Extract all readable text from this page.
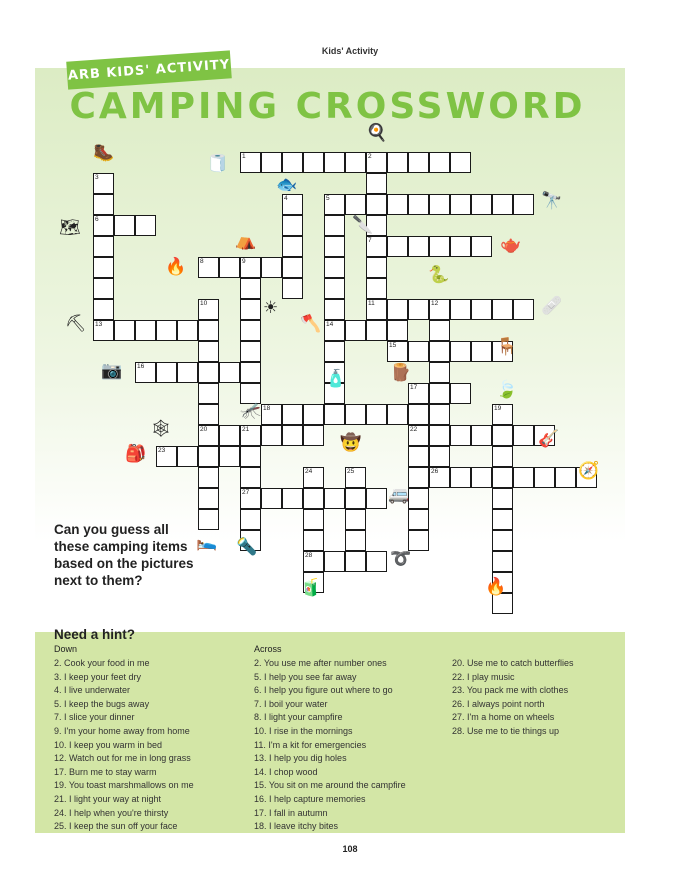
Kids' Activity
ARB KIDS' ACTIVITY
CAMPING CROSSWORD
1	2
3
4	5
6
7
8	9
10	11	12
13	14
15
16
17
18	19
20	21	22
23
24	25	26
27
28
🥾
🧻
🍳
🐟
🔭
🗺	🔪
⛺	🫖
🔥	🐍
☀	🩹
⛏	🪓
🪑
📷	🧴	🪵
🍃
🕸
🦟
🎸
🎒
🤠
🧭
🚐
🛌 🔦
➰
🧃	🔥
Can you guess all these camping items based on the pictures next to them?
Need a hint?
Down	Across
2. Cook your food in me
3. I keep your feet dry
4. I live underwater
5. I keep the bugs away
7. I slice your dinner
9. I'm your home away from home
10. I keep you warm in bed
12. Watch out for me in long grass
17. Burn me to stay warm
19. You toast marshmallows on me
21. I light your way at night
24. I help when you're thirsty
25. I keep the sun off your face
2. You use me after number ones
5. I help you see far away
6. I help you figure out where to go
7. I boil your water
8. I light your campfire
10. I rise in the mornings
11. I'm a kit for emergencies
13. I help you dig holes
14. I chop wood
15. You sit on me around the campfire
16. I help capture memories
17. I fall in autumn
18. I leave itchy bites
20. Use me to catch butterflies
22. I play music
23. You pack me with clothes
26. I always point north
27. I'm a home on wheels
28. Use me to tie things up
108
